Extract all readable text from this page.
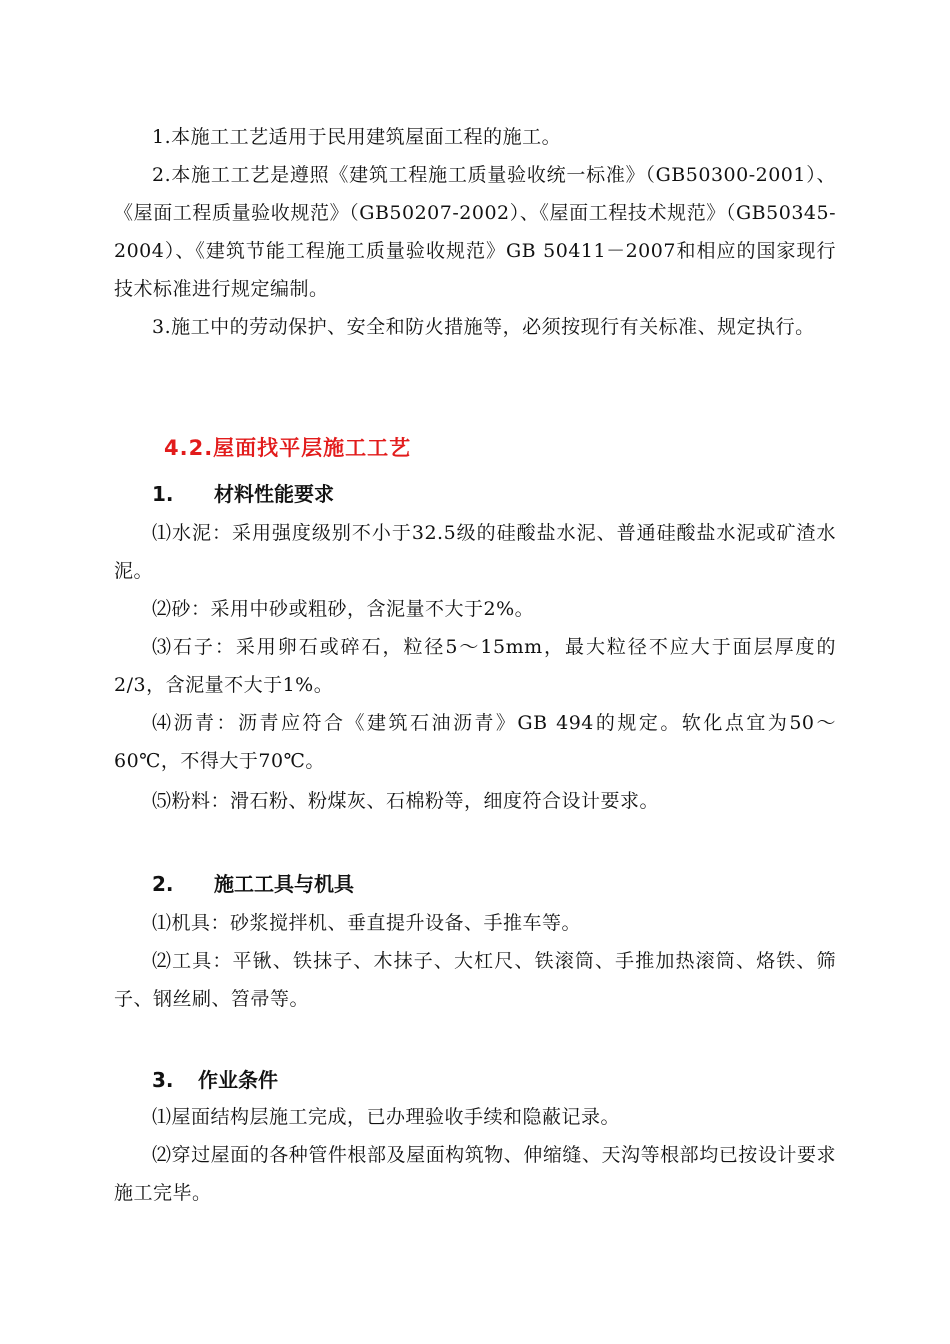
1.本施工工艺适用于民用建筑屋面工程的施工。

2.本施工工艺是遵照《建筑工程施工质量验收统一标准》（GB50300-2001）、《屋面工程质量验收规范》（GB50207-2002）、《屋面工程技术规范》（GB50345-2004）、《建筑节能工程施工质量验收规范》GB 50411－2007和相应的国家现行技术标准进行规定编制。

3.施工中的劳动保护、安全和防火措施等，必须按现行有关标准、规定执行。

4.2.屋面找平层施工工艺
1. 材料性能要求

⑴水泥：采用强度级别不小于32.5级的硅酸盐水泥、普通硅酸盐水泥或矿渣水泥。

⑵砂：采用中砂或粗砂，含泥量不大于2%。

⑶石子：采用卵石或碎石，粒径5～15mm，最大粒径不应大于面层厚度的2/3，含泥量不大于1%。

⑷沥青：沥青应符合《建筑石油沥青》GB 494的规定。软化点宜为50～60℃，不得大于70℃。

⑸粉料：滑石粉、粉煤灰、石棉粉等，细度符合设计要求。

2. 施工工具与机具

⑴机具：砂浆搅拌机、垂直提升设备、手推车等。

⑵工具：平锹、铁抹子、木抹子、大杠尺、铁滚筒、手推加热滚筒、烙铁、筛子、钢丝刷、笤帚等。

3. 作业条件

⑴屋面结构层施工完成，已办理验收手续和隐蔽记录。

⑵穿过屋面的各种管件根部及屋面构筑物、伸缩缝、天沟等根部均已按设计要求施工完毕。
